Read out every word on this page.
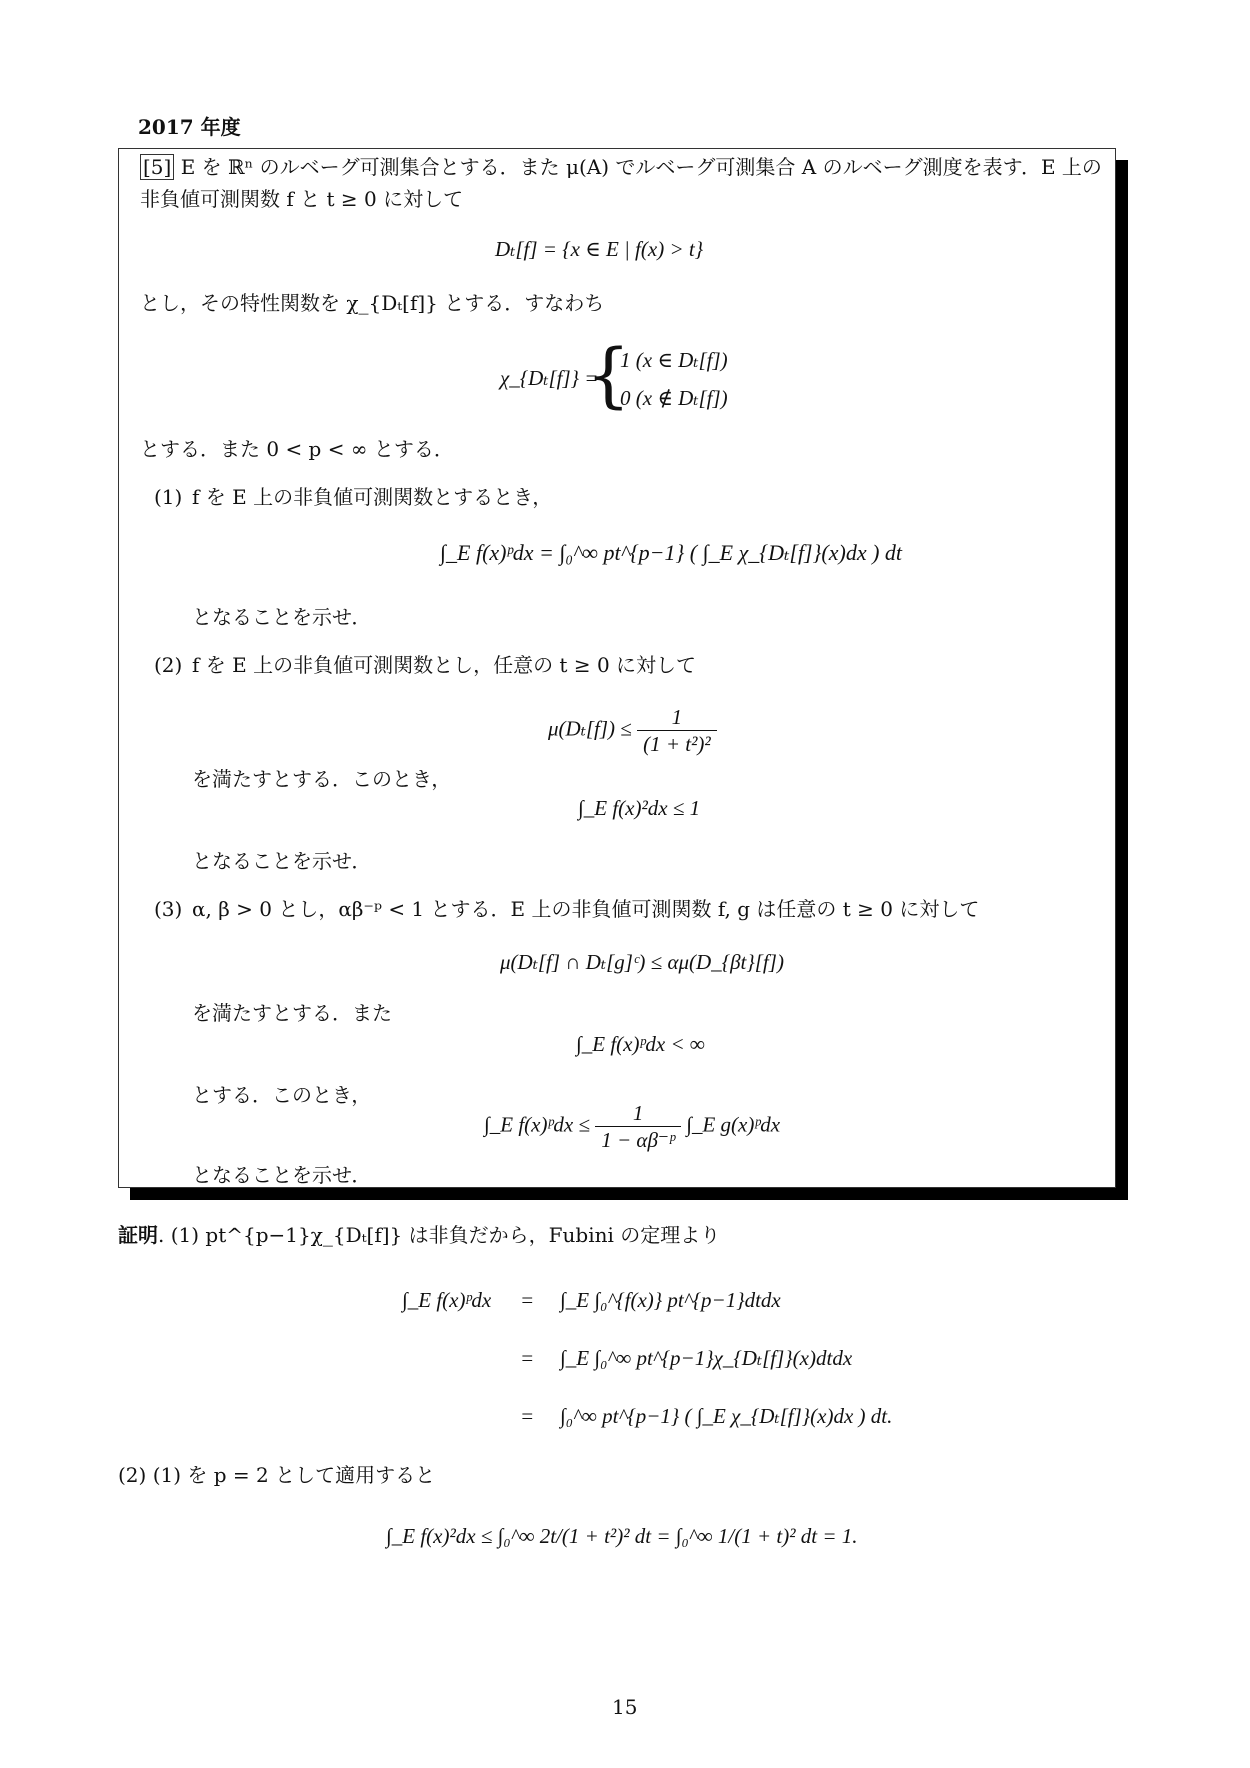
2017 年度
[5] E を ℝⁿ のルベーグ可測集合とする．また μ(A) でルベーグ可測集合 A のルベーグ測度を表す．E 上の
非負値可測関数 f と t ≥ 0 に対して
Dₜ[f] = {x ∈ E | f(x) > t}
とし，その特性関数を χ_{Dₜ[f]} とする．すなわち
χ_{Dₜ[f]} =
{
1 (x ∈ Dₜ[f])
0 (x ∉ Dₜ[f])
とする．また 0 < p < ∞ とする．
(1) f を E 上の非負値可測関数とするとき，
∫_E f(x)ᵖdx = ∫₀^∞ pt^{p−1} ( ∫_E χ_{Dₜ[f]}(x)dx ) dt
となることを示せ．
(2) f を E 上の非負値可測関数とし，任意の t ≥ 0 に対して
$\mu(D_t[f]) \le \frac{1}{\text{(1 + t²)²}}$
を満たすとする．このとき，
∫_E f(x)²dx ≤ 1
となることを示せ．
(3) α, β > 0 とし，αβ⁻ᵖ < 1 とする．E 上の非負値可測関数 f, g は任意の t ≥ 0 に対して
μ(Dₜ[f] ∩ Dₜ[g]ᶜ) ≤ αμ(D_{βt}[f])
を満たすとする．また
∫_E f(x)ᵖdx < ∞
とする．このとき，
∫_E f(x)ᵖdx ≤ $\frac{1}{\text{1 − αβ⁻ᵖ}}$ ∫_E g(x)ᵖdx
となることを示せ．
証明. (1) pt^{p−1}χ_{Dₜ[f]} は非負だから，Fubini の定理より
∫_E f(x)ᵖdx = ∫_E ∫₀^{f(x)} pt^{p−1}dtdx
= ∫_E ∫₀^∞ pt^{p−1}χ_{Dₜ[f]}(x)dtdx
= ∫₀^∞ pt^{p−1} ( ∫_E χ_{Dₜ[f]}(x)dx ) dt.
(2) (1) を p = 2 として適用すると
∫_E f(x)²dx ≤ ∫₀^∞ 2t/(1 + t²)² dt = ∫₀^∞ 1/(1 + t)² dt = 1.
15
